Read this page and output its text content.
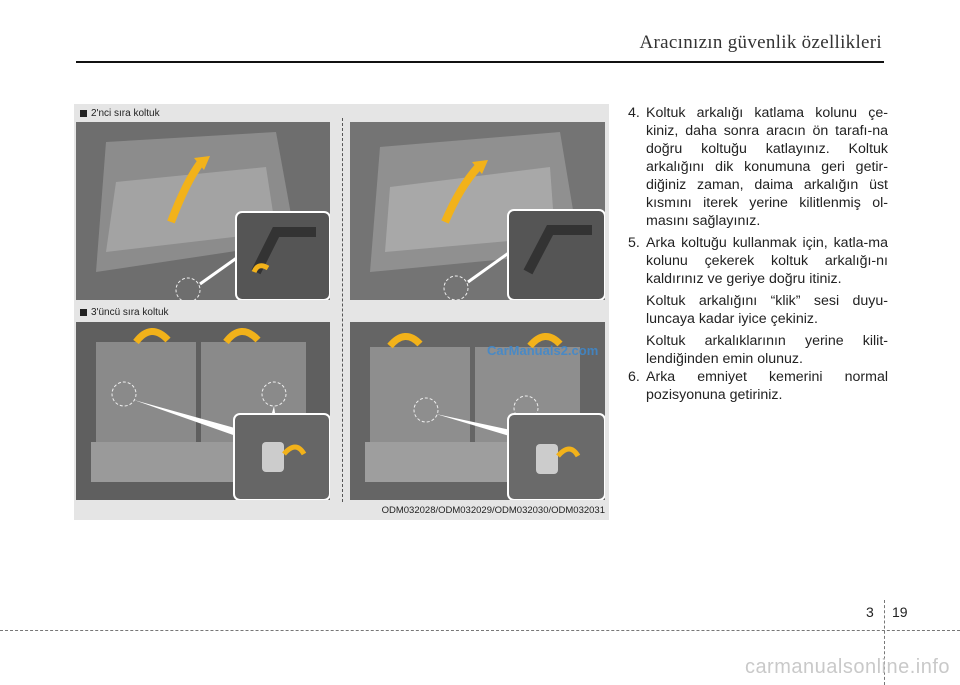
Aracınızın güvenlik özellikleri
2'nci sıra koltuk
3'üncü sıra koltuk
ODM032028/ODM032029/ODM032030/ODM032031
4. Koltuk arkalığı katlama kolunu çe-kiniz, daha sonra aracın ön tarafı-na doğru koltuğu katlayınız. Koltuk arkalığını dik konumuna geri getir-diğiniz zaman, daima arkalığın üst kısmını iterek yerine kilitlenmiş ol-masını sağlayınız.
5. Arka koltuğu kullanmak için, katla-ma kolunu çekerek koltuk arkalığı-nı kaldırınız ve geriye doğru itiniz.
Koltuk arkalığını “klik” sesi duyu-luncaya kadar iyice çekiniz.
Koltuk arkalıklarının yerine kilit-lendiğinden emin olunuz.
6. Arka emniyet kemerini normal pozisyonuna getiriniz.
CarManuals2.com
3 19
carmanualsonline.info
